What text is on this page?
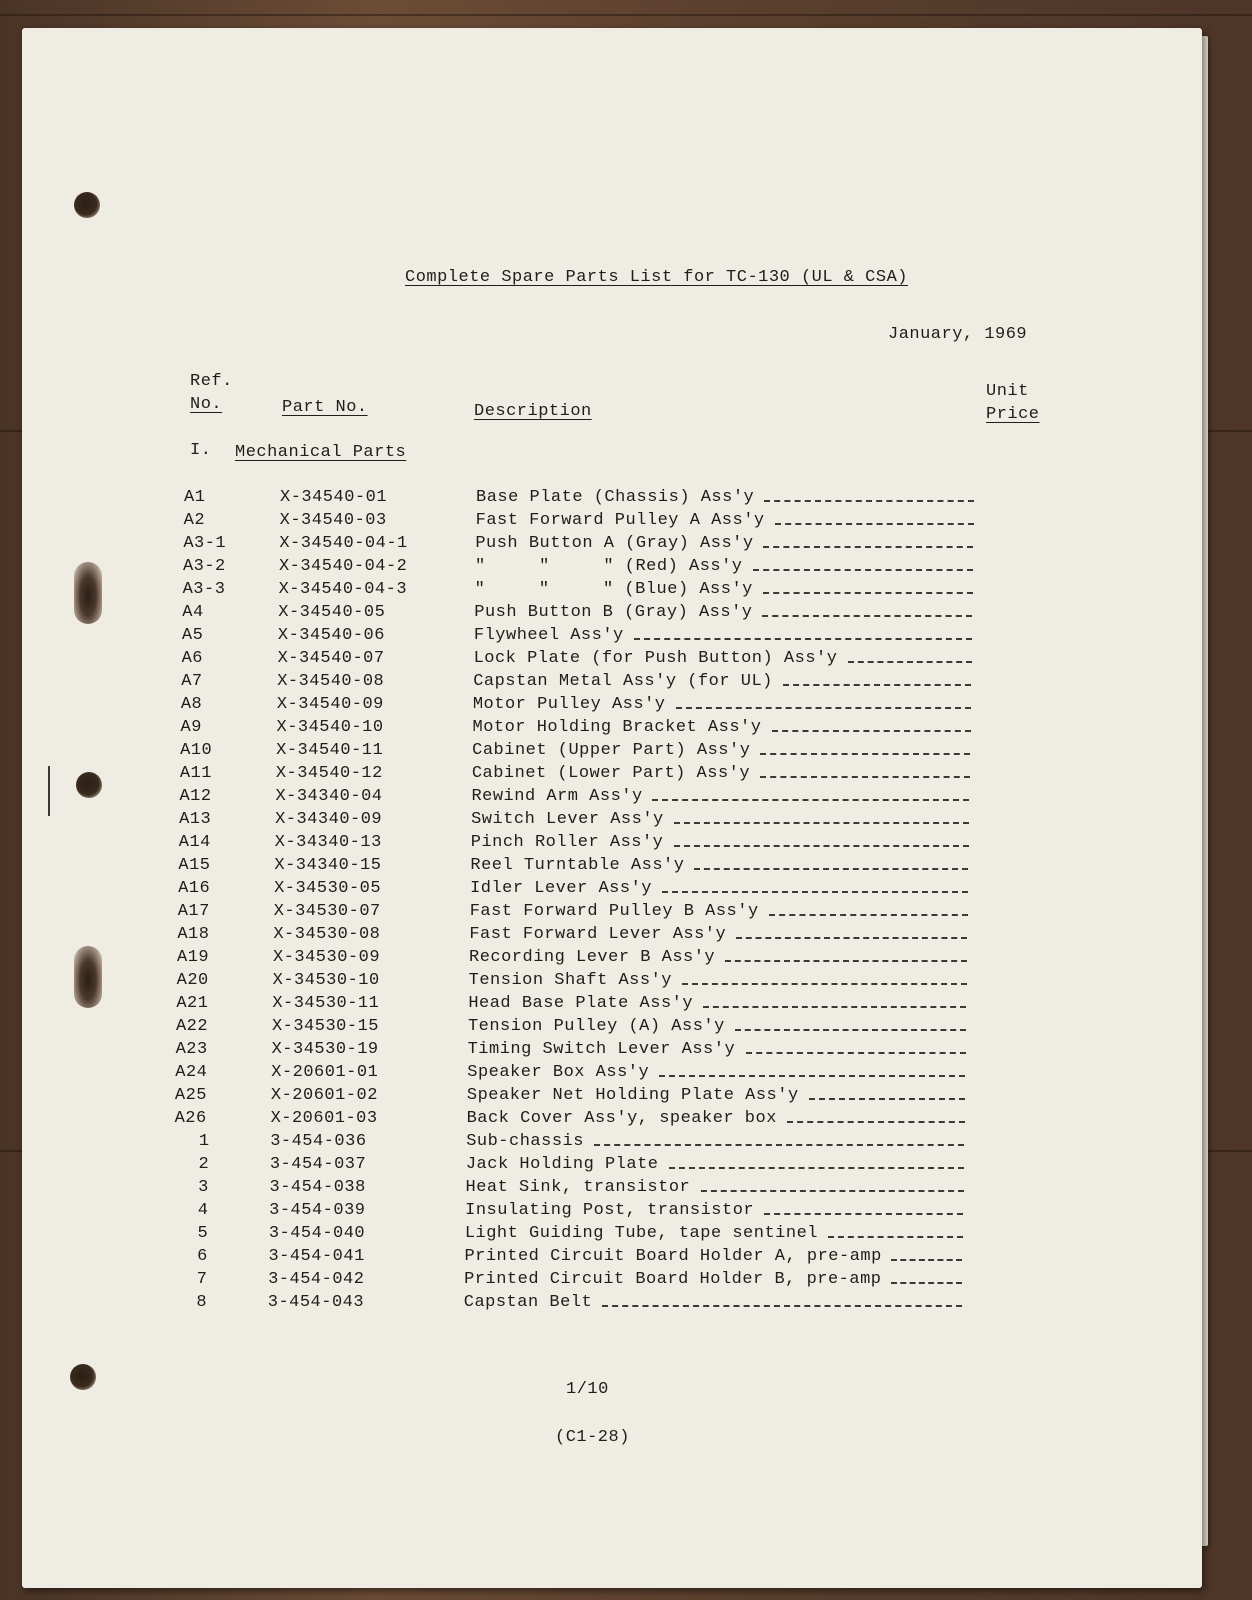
Complete Spare Parts List for TC-130 (UL & CSA)
January, 1969
Ref.
No.	Part No.	Description
Unit
Price
I. Mechanical Parts
A1	X-34540-01	Base Plate (Chassis) Ass'y
A2	X-34540-03	Fast Forward Pulley A Ass'y
A3-1	X-34540-04-1	Push Button A (Gray) Ass'y
A3-2	X-34540-04-2	"     "     " (Red) Ass'y
A3-3	X-34540-04-3	"     "     " (Blue) Ass'y
A4	X-34540-05	Push Button B (Gray) Ass'y
A5	X-34540-06	Flywheel Ass'y
A6	X-34540-07	Lock Plate (for Push Button) Ass'y
A7	X-34540-08	Capstan Metal Ass'y (for UL)
A8	X-34540-09	Motor Pulley Ass'y
A9	X-34540-10	Motor Holding Bracket Ass'y
A10	X-34540-11	Cabinet (Upper Part) Ass'y
A11	X-34540-12	Cabinet (Lower Part) Ass'y
A12	X-34340-04	Rewind Arm Ass'y
A13	X-34340-09	Switch Lever Ass'y
A14	X-34340-13	Pinch Roller Ass'y
A15	X-34340-15	Reel Turntable Ass'y
A16	X-34530-05	Idler Lever Ass'y
A17	X-34530-07	Fast Forward Pulley B Ass'y
A18	X-34530-08	Fast Forward Lever Ass'y
A19	X-34530-09	Recording Lever B Ass'y
A20	X-34530-10	Tension Shaft Ass'y
A21	X-34530-11	Head Base Plate Ass'y
A22	X-34530-15	Tension Pulley (A) Ass'y
A23	X-34530-19	Timing Switch Lever Ass'y
A24	X-20601-01	Speaker Box Ass'y
A25	X-20601-02	Speaker Net Holding Plate Ass'y
A26	X-20601-03	Back Cover Ass'y, speaker box
1	3-454-036	Sub-chassis
2	3-454-037	Jack Holding Plate
3	3-454-038	Heat Sink, transistor
4	3-454-039	Insulating Post, transistor
5	3-454-040	Light Guiding Tube, tape sentinel
6	3-454-041	Printed Circuit Board Holder A, pre-amp
7	3-454-042	Printed Circuit Board Holder B, pre-amp
8	3-454-043	Capstan Belt
1/10
(C1-28)
